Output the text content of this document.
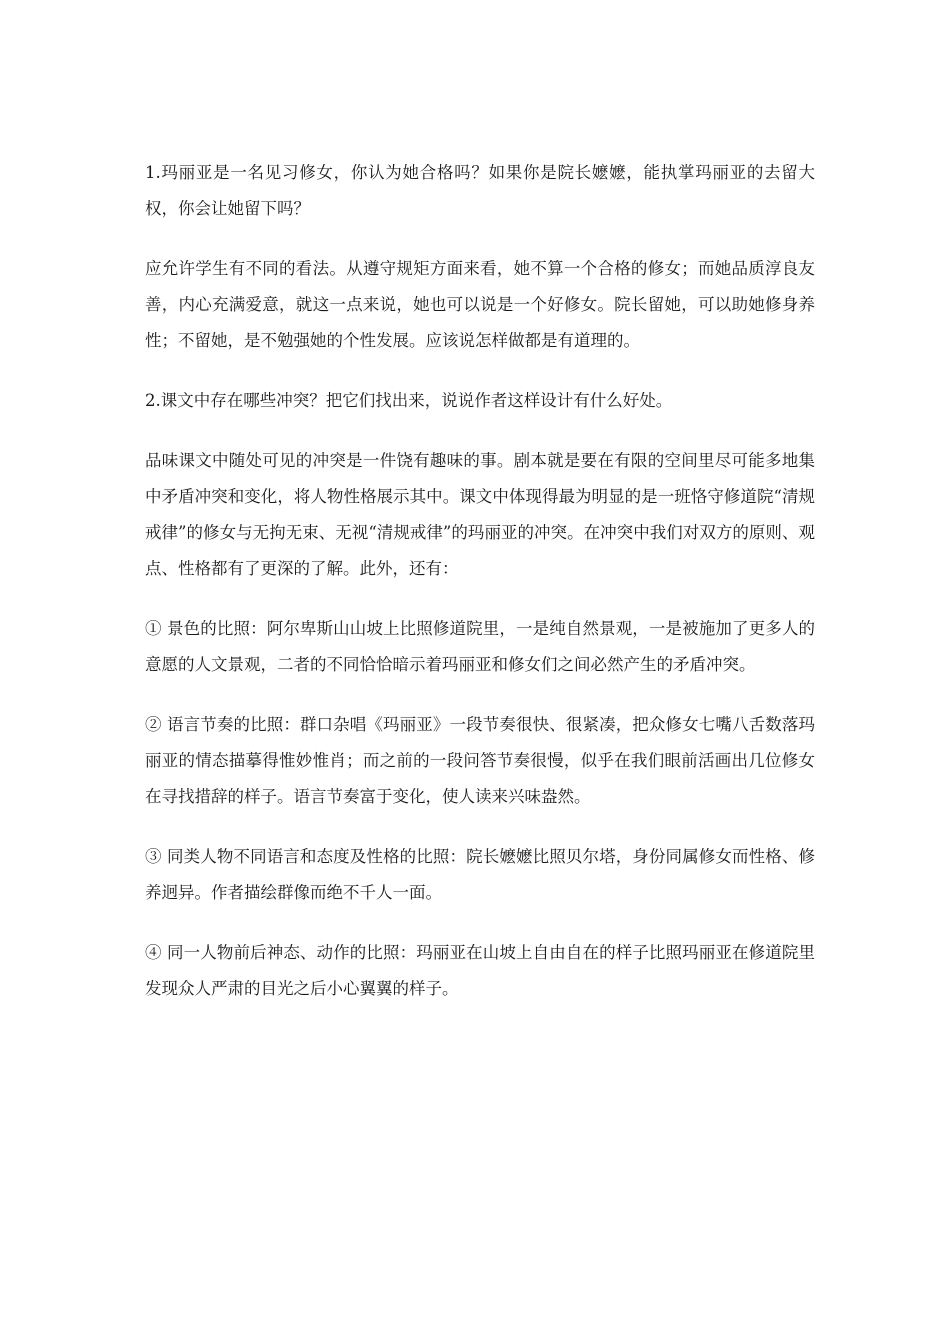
1.玛丽亚是一名见习修女，你认为她合格吗？如果你是院长嬷嬷，能执掌玛丽亚的去留大权，你会让她留下吗？

应允许学生有不同的看法。从遵守规矩方面来看，她不算一个合格的修女；而她品质淳良友善，内心充满爱意，就这一点来说，她也可以说是一个好修女。院长留她，可以助她修身养性；不留她，是不勉强她的个性发展。应该说怎样做都是有道理的。

2.课文中存在哪些冲突？把它们找出来，说说作者这样设计有什么好处。

品味课文中随处可见的冲突是一件饶有趣味的事。剧本就是要在有限的空间里尽可能多地集中矛盾冲突和变化，将人物性格展示其中。课文中体现得最为明显的是一班恪守修道院“清规戒律”的修女与无拘无束、无视“清规戒律”的玛丽亚的冲突。在冲突中我们对双方的原则、观点、性格都有了更深的了解。此外，还有：

① 景色的比照：阿尔卑斯山山坡上比照修道院里，一是纯自然景观，一是被施加了更多人的意愿的人文景观，二者的不同恰恰暗示着玛丽亚和修女们之间必然产生的矛盾冲突。

② 语言节奏的比照：群口杂唱《玛丽亚》一段节奏很快、很紧凑，把众修女七嘴八舌数落玛丽亚的情态描摹得惟妙惟肖；而之前的一段问答节奏很慢，似乎在我们眼前活画出几位修女在寻找措辞的样子。语言节奏富于变化，使人读来兴味盎然。

③ 同类人物不同语言和态度及性格的比照：院长嬷嬷比照贝尔塔，身份同属修女而性格、修养迥异。作者描绘群像而绝不千人一面。

④ 同一人物前后神态、动作的比照：玛丽亚在山坡上自由自在的样子比照玛丽亚在修道院里发现众人严肃的目光之后小心翼翼的样子。
